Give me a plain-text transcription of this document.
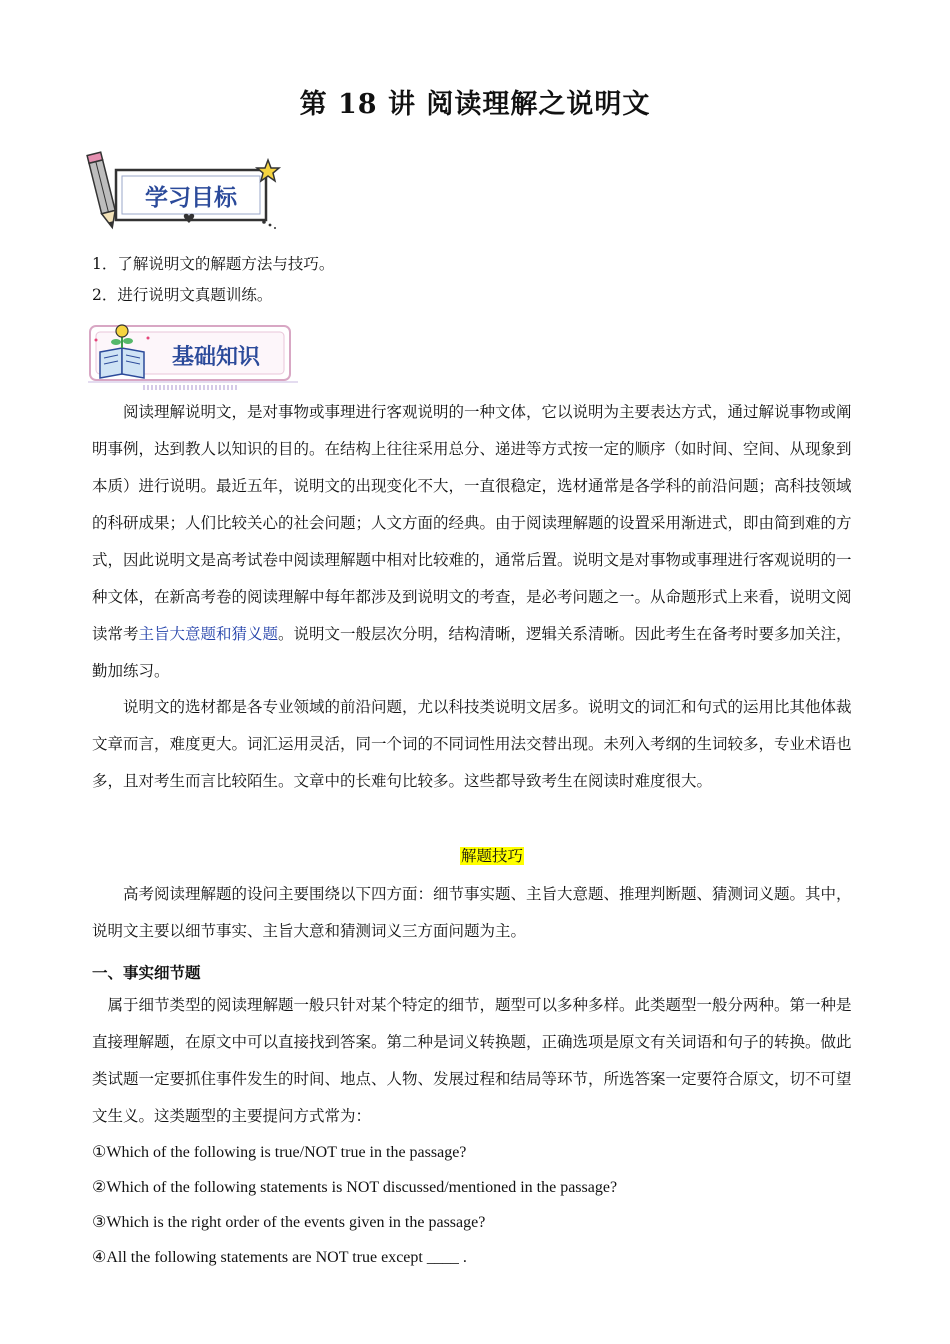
第 18 讲 阅读理解之说明文
学习目标
1．了解说明文的解题方法与技巧。
2．进行说明文真题训练。
基础知识
阅读理解说明文，是对事物或事理进行客观说明的一种文体，它以说明为主要表达方式，通过解说事物或阐明事例，达到教人以知识的目的。在结构上往往采用总分、递进等方式按一定的顺序（如时间、空间、从现象到本质）进行说明。最近五年，说明文的出现变化不大，一直很稳定，选材通常是各学科的前沿问题；高科技领域的科研成果；人们比较关心的社会问题；人文方面的经典。由于阅读理解题的设置采用渐进式，即由简到难的方式，因此说明文是高考试卷中阅读理解题中相对比较难的，通常后置。说明文是对事物或事理进行客观说明的一种文体，在新高考卷的阅读理解中每年都涉及到说明文的考查，是必考问题之一。从命题形式上来看，说明文阅读常考主旨大意题和猜义题。说明文一般层次分明，结构清晰，逻辑关系清晰。因此考生在备考时要多加关注，勤加练习。
说明文的选材都是各专业领域的前沿问题，尤以科技类说明文居多。说明文的词汇和句式的运用比其他体裁文章而言，难度更大。词汇运用灵活，同一个词的不同词性用法交替出现。未列入考纲的生词较多，专业术语也多，且对考生而言比较陌生。文章中的长难句比较多。这些都导致考生在阅读时难度很大。
解题技巧
高考阅读理解题的设问主要围绕以下四方面：细节事实题、主旨大意题、推理判断题、猜测词义题。其中，说明文主要以细节事实、主旨大意和猜测词义三方面问题为主。
一、事实细节题
属于细节类型的阅读理解题一般只针对某个特定的细节，题型可以多种多样。此类题型一般分两种。第一种是直接理解题，在原文中可以直接找到答案。第二种是词义转换题，正确选项是原文有关词语和句子的转换。做此类试题一定要抓住事件发生的时间、地点、人物、发展过程和结局等环节，所选答案一定要符合原文，切不可望文生义。这类题型的主要提问方式常为：
①Which of the following is true/NOT true in the passage?
②Which of the following statements is NOT discussed/mentioned in the passage?
③Which is the right order of the events given in the passage?
④All the following statements are NOT true except ____ .
